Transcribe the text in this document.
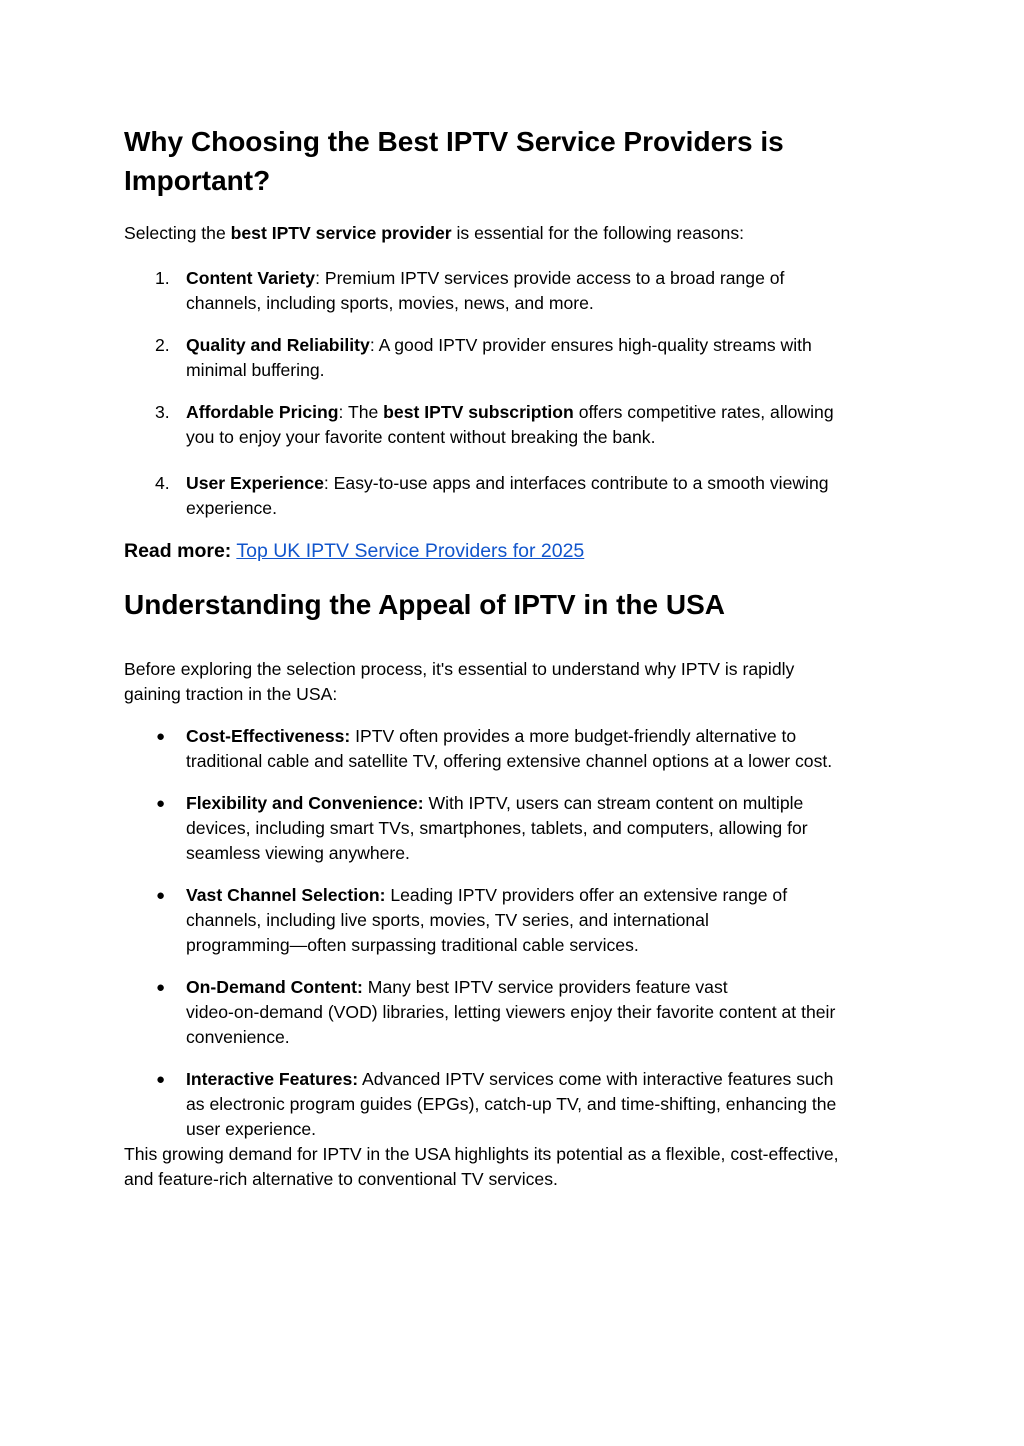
Why Choosing the Best IPTV Service Providers is
Important?

Selecting the best IPTV service provider is essential for the following reasons:

1. Content Variety: Premium IPTV services provide access to a broad range of
channels, including sports, movies, news, and more.
2. Quality and Reliability: A good IPTV provider ensures high-quality streams with
minimal buffering.
3. Affordable Pricing: The best IPTV subscription offers competitive rates, allowing
you to enjoy your favorite content without breaking the bank.
4. User Experience: Easy-to-use apps and interfaces contribute to a smooth viewing
experience.

Read more: Top UK IPTV Service Providers for 2025

Understanding the Appeal of IPTV in the USA
Before exploring the selection process, it's essential to understand why IPTV is rapidly
gaining traction in the USA:
● Cost-Effectiveness: IPTV often provides a more budget-friendly alternative to
traditional cable and satellite TV, offering extensive channel options at a lower cost.
● Flexibility and Convenience: With IPTV, users can stream content on multiple
devices, including smart TVs, smartphones, tablets, and computers, allowing for
seamless viewing anywhere.
● Vast Channel Selection: Leading IPTV providers offer an extensive range of
channels, including live sports, movies, TV series, and international
programming—often surpassing traditional cable services.
● On-Demand Content: Many best IPTV service providers feature vast
video-on-demand (VOD) libraries, letting viewers enjoy their favorite content at their
convenience.
● Interactive Features: Advanced IPTV services come with interactive features such
as electronic program guides (EPGs), catch-up TV, and time-shifting, enhancing the
user experience.
This growing demand for IPTV in the USA highlights its potential as a flexible, cost-effective,
and feature-rich alternative to conventional TV services.
